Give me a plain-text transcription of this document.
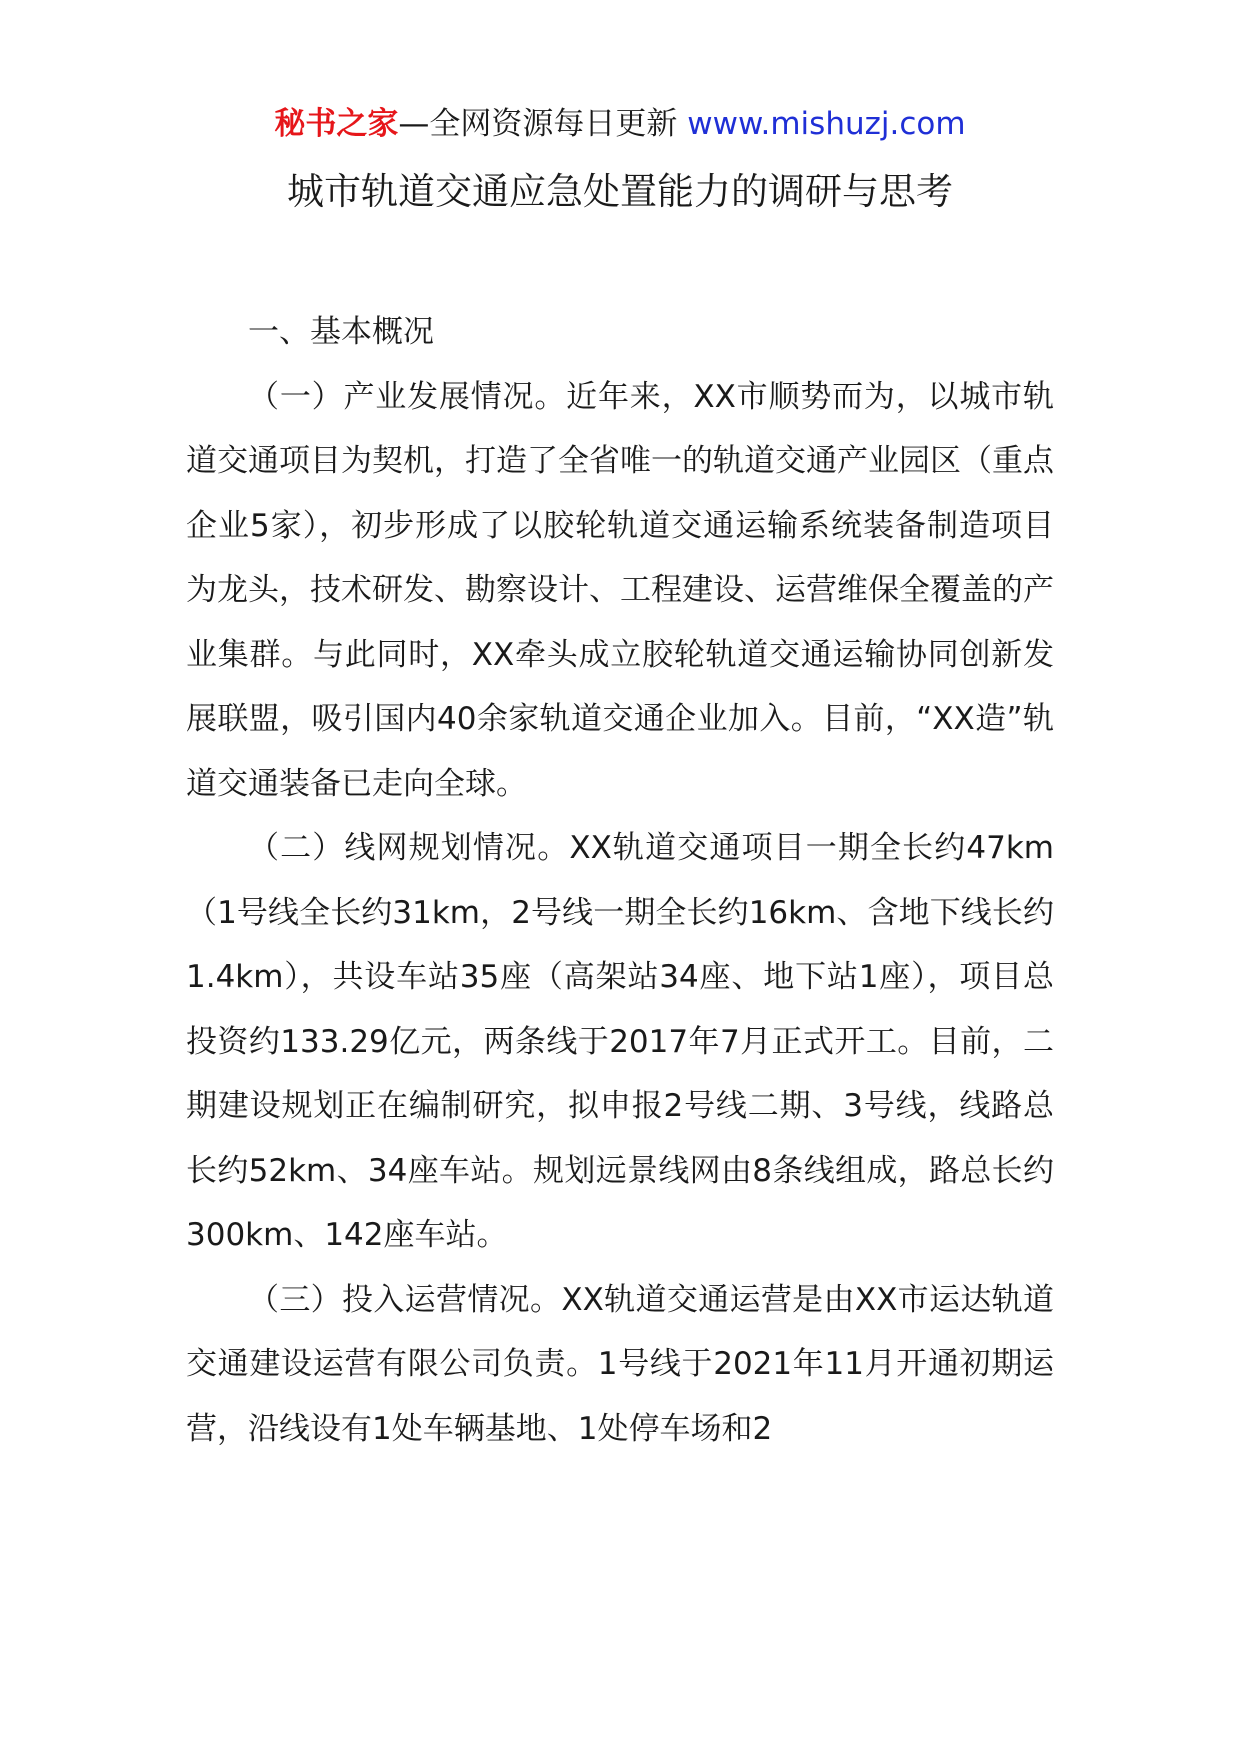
秘书之家—全网资源每日更新 www.mishuzj.com
城市轨道交通应急处置能力的调研与思考

一、基本概况

（一）产业发展情况。近年来，XX市顺势而为，以城市轨道交通项目为契机，打造了全省唯一的轨道交通产业园区（重点企业5家），初步形成了以胶轮轨道交通运输系统装备制造项目为龙头，技术研发、勘察设计、工程建设、运营维保全覆盖的产业集群。与此同时，XX牵头成立胶轮轨道交通运输协同创新发展联盟，吸引国内40余家轨道交通企业加入。目前，“XX造”轨道交通装备已走向全球。

（二）线网规划情况。XX轨道交通项目一期全长约47km（1号线全长约31km，2号线一期全长约16km、含地下线长约1.4km），共设车站35座（高架站34座、地下站1座），项目总投资约133.29亿元，两条线于2017年7月正式开工。目前，二期建设规划正在编制研究，拟申报2号线二期、3号线，线路总长约52km、34座车站。规划远景线网由8条线组成，路总长约300km、142座车站。

（三）投入运营情况。XX轨道交通运营是由XX市运达轨道交通建设运营有限公司负责。1号线于2021年11月开通初期运营，沿线设有1处车辆基地、1处停车场和2
